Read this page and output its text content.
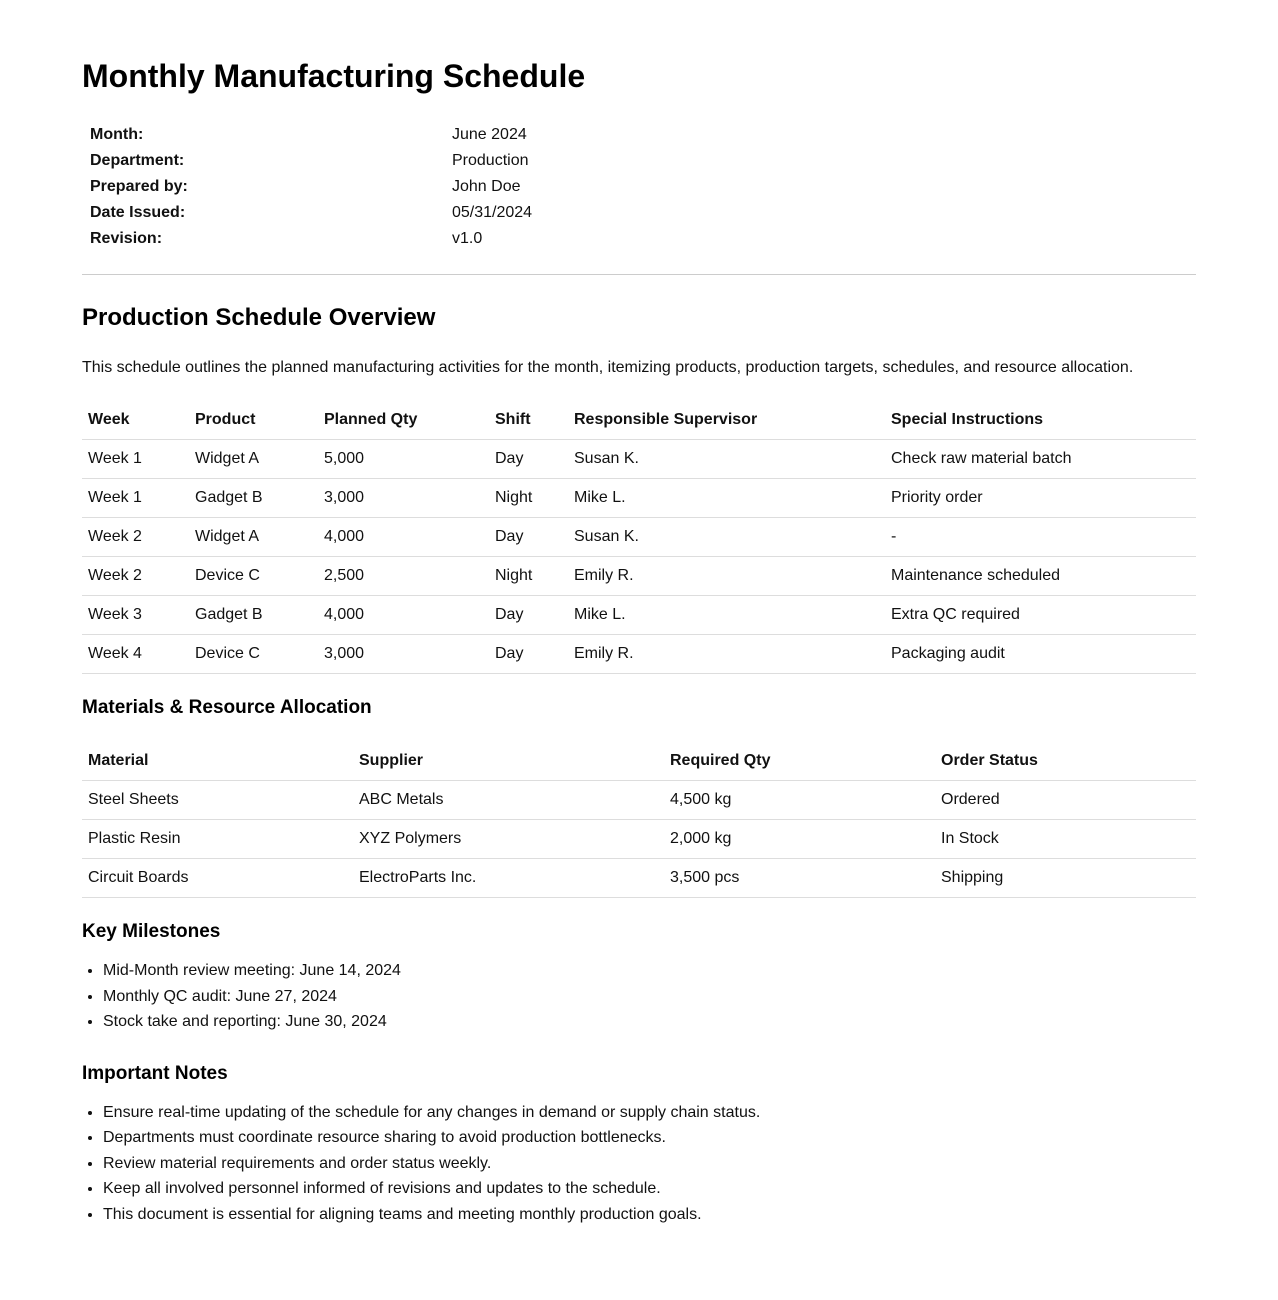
Monthly Manufacturing Schedule
Month:	June 2024
Department:	Production
Prepared by:	John Doe
Date Issued:	05/31/2024
Revision:	v1.0
Production Schedule Overview

This schedule outlines the planned manufacturing activities for the month, itemizing products, production targets, schedules, and resource allocation.

Week	Product	Planned Qty	Shift	Responsible Supervisor	Special Instructions
Week 1	Widget A	5,000	Day	Susan K.	Check raw material batch
Week 1	Gadget B	3,000	Night	Mike L.	Priority order
Week 2	Widget A	4,000	Day	Susan K.	-
Week 2	Device C	2,500	Night	Emily R.	Maintenance scheduled
Week 3	Gadget B	4,000	Day	Mike L.	Extra QC required
Week 4	Device C	3,000	Day	Emily R.	Packaging audit
Materials & Resource Allocation
Material	Supplier	Required Qty	Order Status
Steel Sheets	ABC Metals	4,500 kg	Ordered
Plastic Resin	XYZ Polymers	2,000 kg	In Stock
Circuit Boards	ElectroParts Inc.	3,500 pcs	Shipping
Key Milestones
• Mid-Month review meeting: June 14, 2024
• Monthly QC audit: June 27, 2024
• Stock take and reporting: June 30, 2024
Important Notes
• Ensure real-time updating of the schedule for any changes in demand or supply chain status.
• Departments must coordinate resource sharing to avoid production bottlenecks.
• Review material requirements and order status weekly.
• Keep all involved personnel informed of revisions and updates to the schedule.
• This document is essential for aligning teams and meeting monthly production goals.
